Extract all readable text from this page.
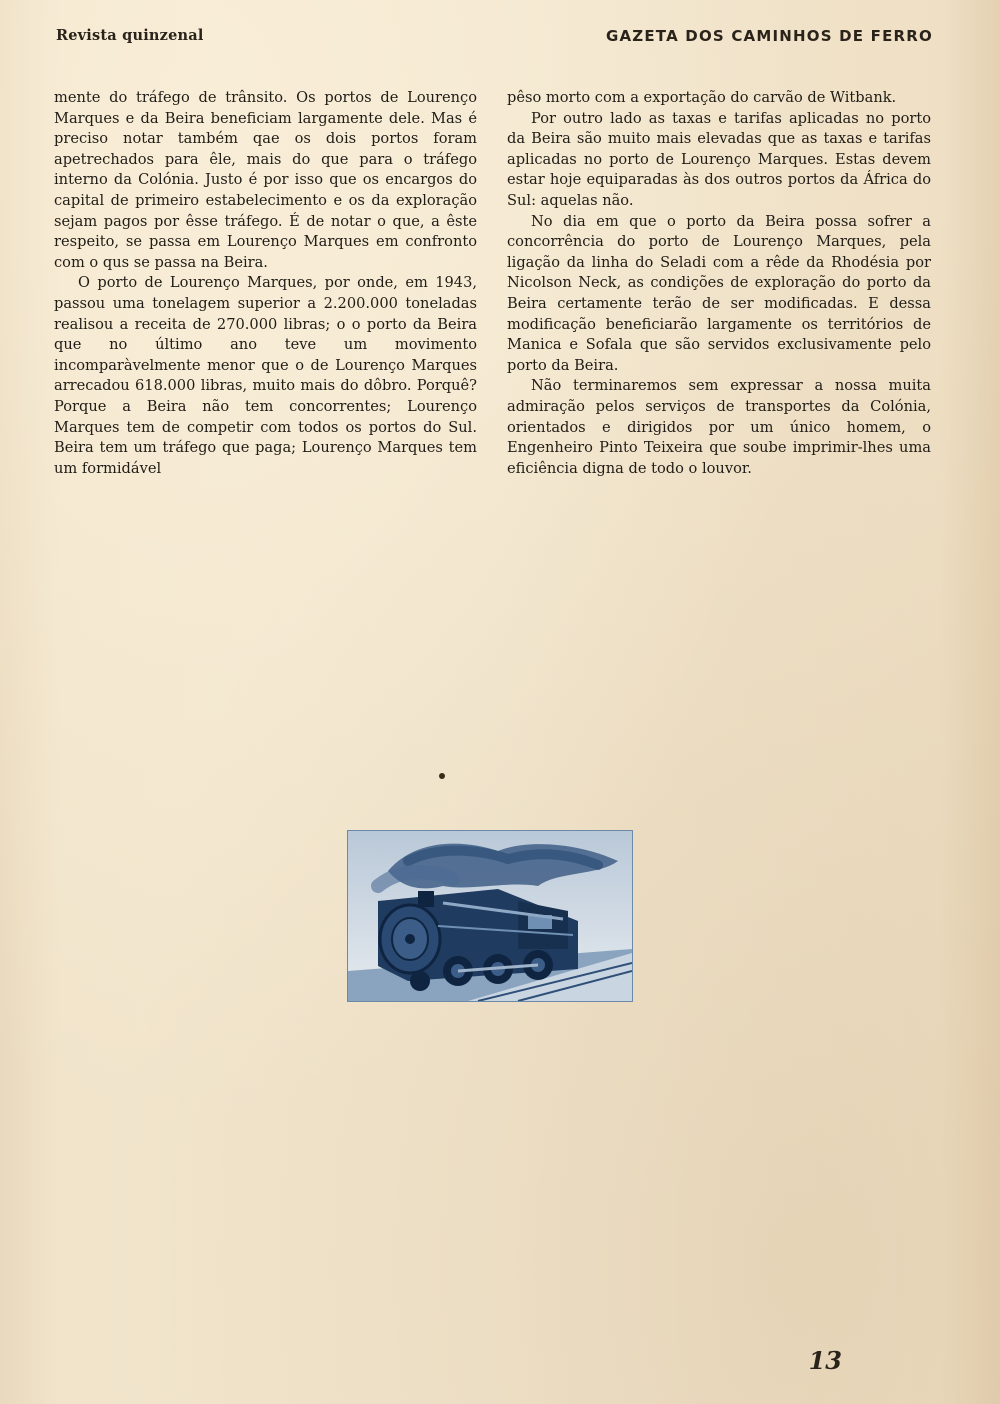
Revista quinzenal	GAZETA DOS CAMINHOS DE FERRO

mente do tráfego de trânsito. Os portos de Lourenço Marques e da Beira beneficiam largamente dele. Mas é preciso notar também qae os dois portos foram apetrechados para êle, mais do que para o tráfego interno da Colónia. Justo é por isso que os encargos do capital de primeiro estabelecimento e os da exploração sejam pagos por êsse tráfego. É de notar o que, a êste respeito, se passa em Lourenço Marques em confronto com o qus se passa na Beira.

O porto de Lourenço Marques, por onde, em 1943, passou uma tonelagem superior a 2.200.000 toneladas realisou a receita de 270.000 libras; o o porto da Beira que no último ano teve um movimento incomparàvelmente menor que o de Lourenço Marques arrecadou 618.000 libras, muito mais do dôbro. Porquê? Porque a Beira não tem concorrentes; Lourenço Marques tem de competir com todos os portos do Sul. Beira tem um tráfego que paga; Lourenço Marques tem um formidável

pêso morto com a exportação do carvão de Witbank.

Por outro lado as taxas e tarifas aplicadas no porto da Beira são muito mais elevadas que as taxas e tarifas aplicadas no porto de Lourenço Marques. Estas devem estar hoje equiparadas às dos outros portos da África do Sul: aquelas não.

No dia em que o porto da Beira possa sofrer a concorrência do porto de Lourenço Marques, pela ligação da linha do Seladi com a rêde da Rhodésia por Nicolson Neck, as condições de exploração do porto da Beira certamente terão de ser modificadas. E dessa modificação beneficiarão largamente os territórios de Manica e Sofala que são servidos exclusivamente pelo porto da Beira.

Não terminaremos sem expressar a nossa muita admiração pelos serviços de transportes da Colónia, orientados e dirigidos por um único homem, o Engenheiro Pinto Teixeira que soube imprimir-lhes uma eficiência digna de todo o louvor.

13
